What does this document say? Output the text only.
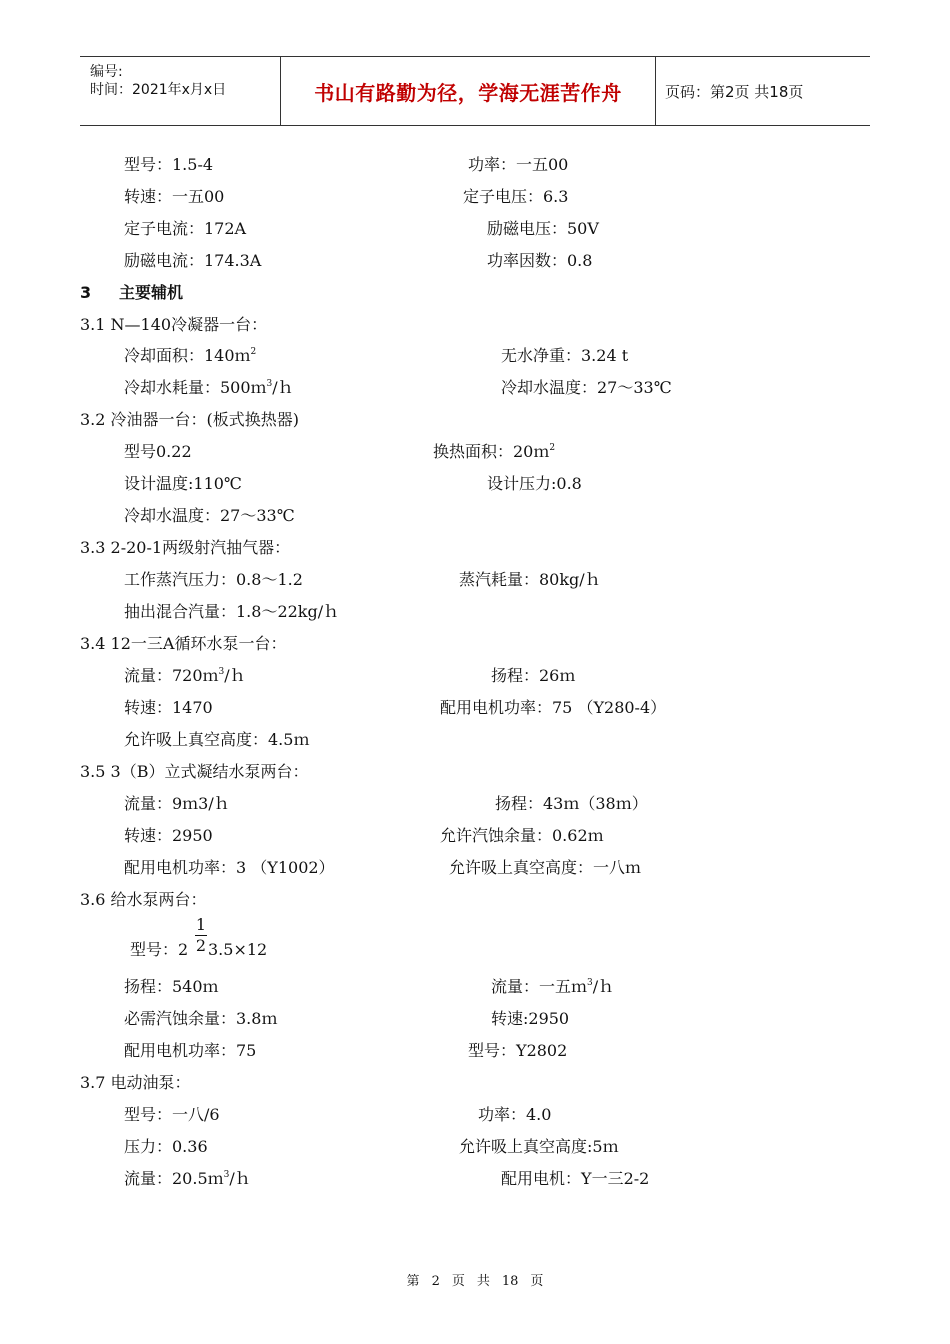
编号:
时间：2021年x月x日	书山有路勤为径，学海无涯苦作舟	页码：第2页 共18页
型号：1.5-4	功率：一五00
转速：一五00	定子电压：6.3
定子电流：172A	励磁电压：50V
励磁电流：174.3A	功率因数：0.8
3 主要辅机
3.1 N—140冷凝器一台：
冷却面积：140ｍ$^2$	无水净重：3.24 t
冷却水耗量：500ｍ$^3$/ｈ	冷却水温度：27～33℃
3.2 冷油器一台：(板式换热器)
型号0.22	换热面积：20ｍ$^2$
设计温度:110℃	设计压力:0.8
冷却水温度：27～33℃
3.3 2-20-1两级射汽抽气器：
工作蒸汽压力：0.8～1.2	蒸汽耗量：80kg/ｈ
抽出混合汽量：1.8～22kg/ｈ
3.4 12一三A循环水泵一台：
流量：720ｍ$^3$/ｈ	扬程：26ｍ
转速：1470	配用电机功率：75 （Y280-4）
允许吸上真空高度：4.5ｍ
3.5 3（B）立式凝结水泵两台：
流量：9ｍ3/ｈ	扬程：43ｍ（38ｍ）
转速：2950	允许汽蚀余量：0.62ｍ
配用电机功率：3 （Y1002）	允许吸上真空高度：一八ｍ
3.6 给水泵两台：
型号：2
1
2 3.5×12
扬程：540ｍ	流量：一五ｍ$^3$/ｈ
必需汽蚀余量：3.8ｍ	转速:2950
配用电机功率：75	型号：Y2802
3.7 电动油泵：
型号：一八/6	功率：4.0
压力：0.36	允许吸上真空高度:5ｍ
流量：20.5ｍ$^3$/ｈ	配用电机：Y一三2-2
第 2 页 共 18 页
